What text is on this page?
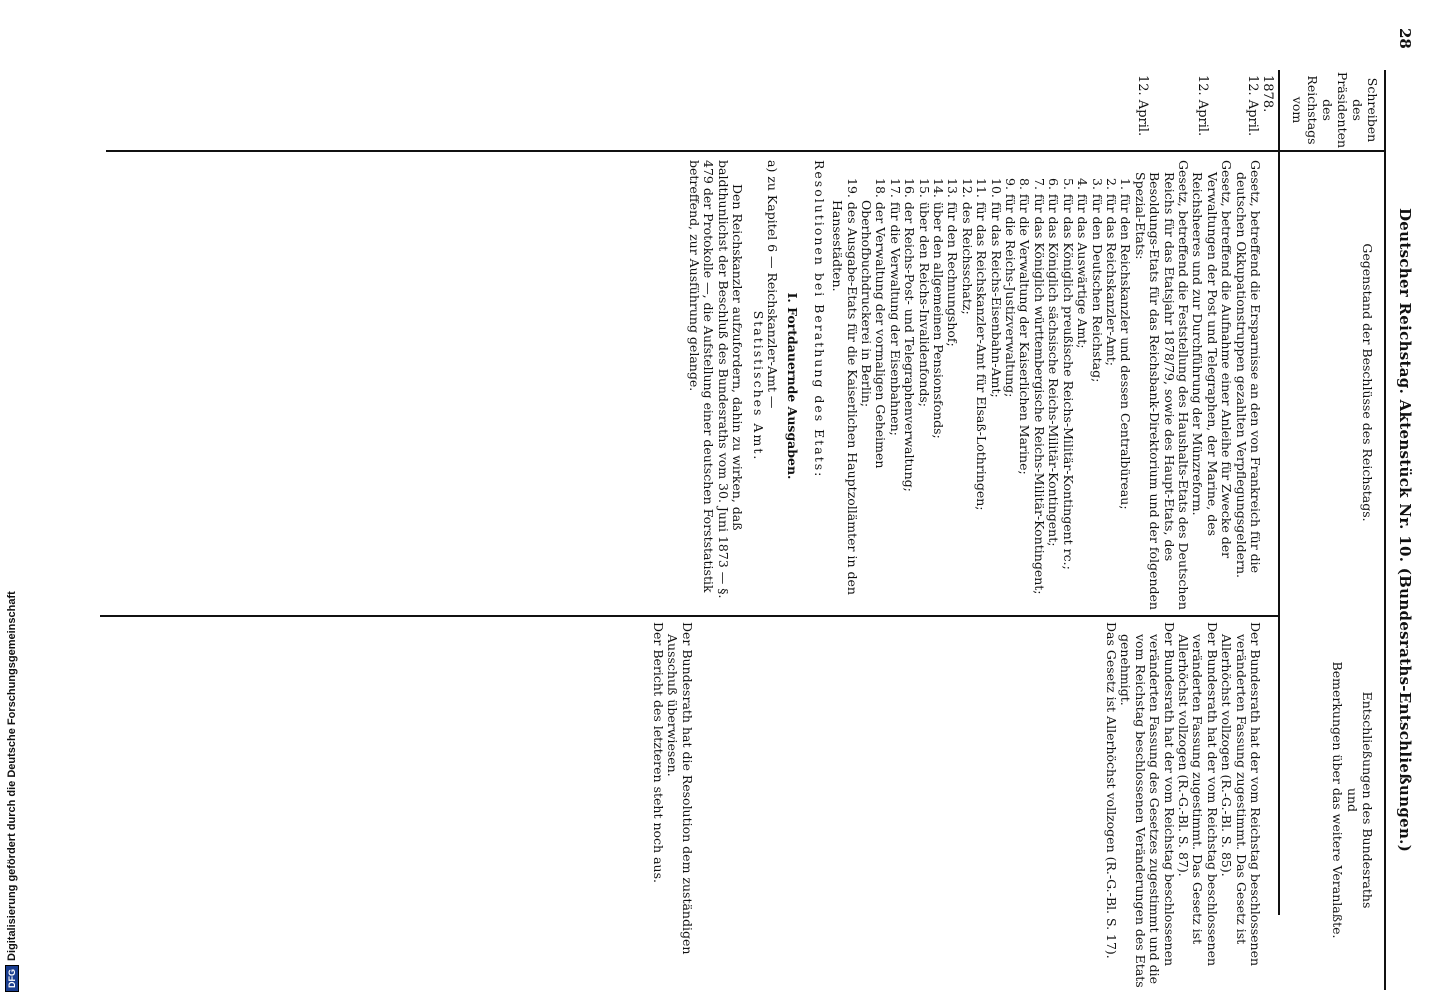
DFGDigitalisierung gefördert durch die Deutsche Forschungsgemeinschaft
28
Deutscher Reichstag. Aktenstück Nr. 10. (Bundesraths-Entschließungen.)
Schreiben des Präsidenten des Reichstags vom
Gegenstand der Beschlüsse des Reichstags.
Entschließungen des Bundesraths
und
Bemerkungen über das weitere Veranlaßte.
1878.
12. April.
12. April.
12. April.

Gesetz, betreffend die Ersparnisse an den von Frankreich für die deutschen Okkupationstruppen gezahlten Verpflegungsgeldern.

Gesetz, betreffend die Aufnahme einer Anleihe für Zwecke der Verwaltungen der Post und Telegraphen, der Marine, des Reichsheeres und zur Durchführung der Münzreform.

Gesetz, betreffend die Feststellung des Haushalts-Etats des Deutschen Reichs für das Etatsjahr 1878/79, sowie des Haupt-Etats, des Besoldungs-Etats für das Reichsbank-Direktorium und der folgenden Spezial-Etats:

1. für den Reichskanzler und dessen Centralbüreau;

2. für das Reichskanzler-Amt;

3. für den Deutschen Reichstag;

4. für das Auswärtige Amt;

5. für das Königlich preußische Reichs-Militär-Kontingent rc.;

6. für das Königlich sächsische Reichs-Militär-Kontingent;

7. für das Königlich württembergische Reichs-Militär-Kontingent;

8. für die Verwaltung der Kaiserlichen Marine;

9. für die Reichs-Justizverwaltung;

10. für das Reichs-Eisenbahn-Amt;

11. für das Reichskanzler-Amt für Elsaß-Lothringen;

12. des Reichsschatz;

13. für den Rechnungshof;

14. über den allgemeinen Pensionsfonds;

15. über den Reichs-Invalidenfonds;

16. der Reichs-Post- und Telegraphenverwaltung;

17. für die Verwaltung der Eisenbahnen;

18. der Verwaltung der vormaligen Geheimen Oberhofbuchdruckerei in Berlin;

19. des Ausgabe-Etats für die Kaiserlichen Hauptzollämter in den Hansestädten.

Resolutionen bei Berathung des Etats:

I. Fortdauernde Ausgaben.

a) zu Kapitel 6 — Reichskanzler-Amt —

Statistisches Amt.

Den Reichskanzler aufzufordern, dahin zu wirken, daß baldthunlichst der Beschluß des Bundesraths vom 30. Juni 1873 — §. 479 der Protokolle —, die Aufstellung einer deutschen Forststatistik betreffend, zur Ausführung gelange.

Der Bundesrath hat der vom Reichstag beschlossenen veränderten Fassung zugestimmt. Das Gesetz ist Allerhöchst vollzogen (R.-G.-Bl. S. 85).

Der Bundesrath hat der vom Reichstag beschlossenen veränderten Fassung zugestimmt. Das Gesetz ist Allerhöchst vollzogen (R.-G.-Bl. S. 87).

Der Bundesrath hat der vom Reichstag beschlossenen veränderten Fassung des Gesetzes zugestimmt und die vom Reichstag beschlossenen Veränderungen des Etats genehmigt.

Das Gesetz ist Allerhöchst vollzogen (R.-G.-Bl. S. 17).

Der Bundesrath hat die Resolution dem zuständigen Ausschuß überwiesen.

Der Bericht des letzteren steht noch aus.
